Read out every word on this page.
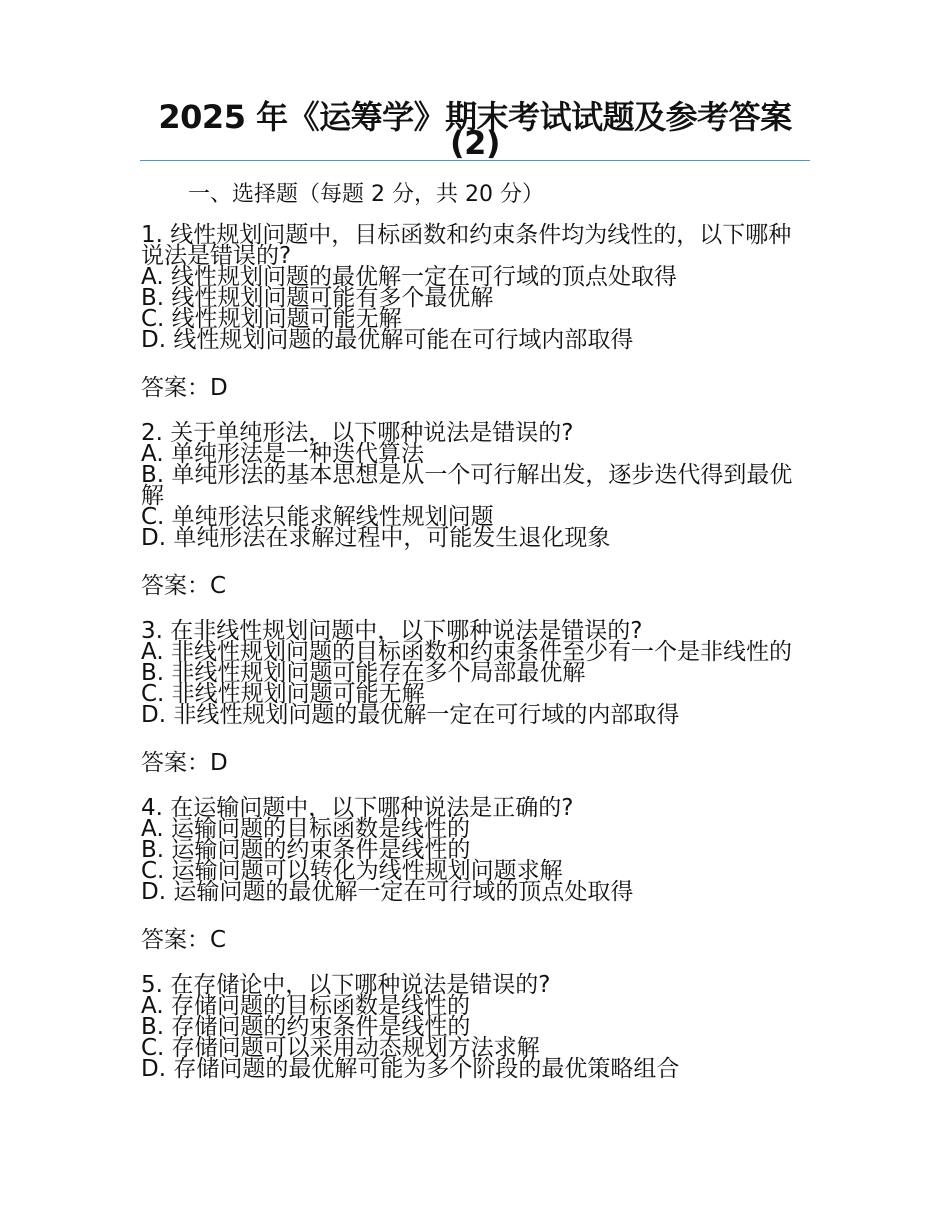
2025 年《运筹学》期末考试试题及参考答案(2)

一、选择题（每题 2 分，共 20 分）

1. 线性规划问题中，目标函数和约束条件均为线性的，以下哪种说法是错误的?

A. 线性规划问题的最优解一定在可行域的顶点处取得

B. 线性规划问题可能有多个最优解

C. 线性规划问题可能无解

D. 线性规划问题的最优解可能在可行域内部取得

答案：D

2. 关于单纯形法，以下哪种说法是错误的?

A. 单纯形法是一种迭代算法

B. 单纯形法的基本思想是从一个可行解出发，逐步迭代得到最优解

C. 单纯形法只能求解线性规划问题

D. 单纯形法在求解过程中，可能发生退化现象

答案：C

3. 在非线性规划问题中，以下哪种说法是错误的?

A. 非线性规划问题的目标函数和约束条件至少有一个是非线性的

B. 非线性规划问题可能存在多个局部最优解

C. 非线性规划问题可能无解

D. 非线性规划问题的最优解一定在可行域的内部取得

答案：D

4. 在运输问题中，以下哪种说法是正确的?

A. 运输问题的目标函数是线性的

B. 运输问题的约束条件是线性的

C. 运输问题可以转化为线性规划问题求解

D. 运输问题的最优解一定在可行域的顶点处取得

答案：C

5. 在存储论中，以下哪种说法是错误的?

A. 存储问题的目标函数是线性的

B. 存储问题的约束条件是线性的

C. 存储问题可以采用动态规划方法求解

D. 存储问题的最优解可能为多个阶段的最优策略组合
